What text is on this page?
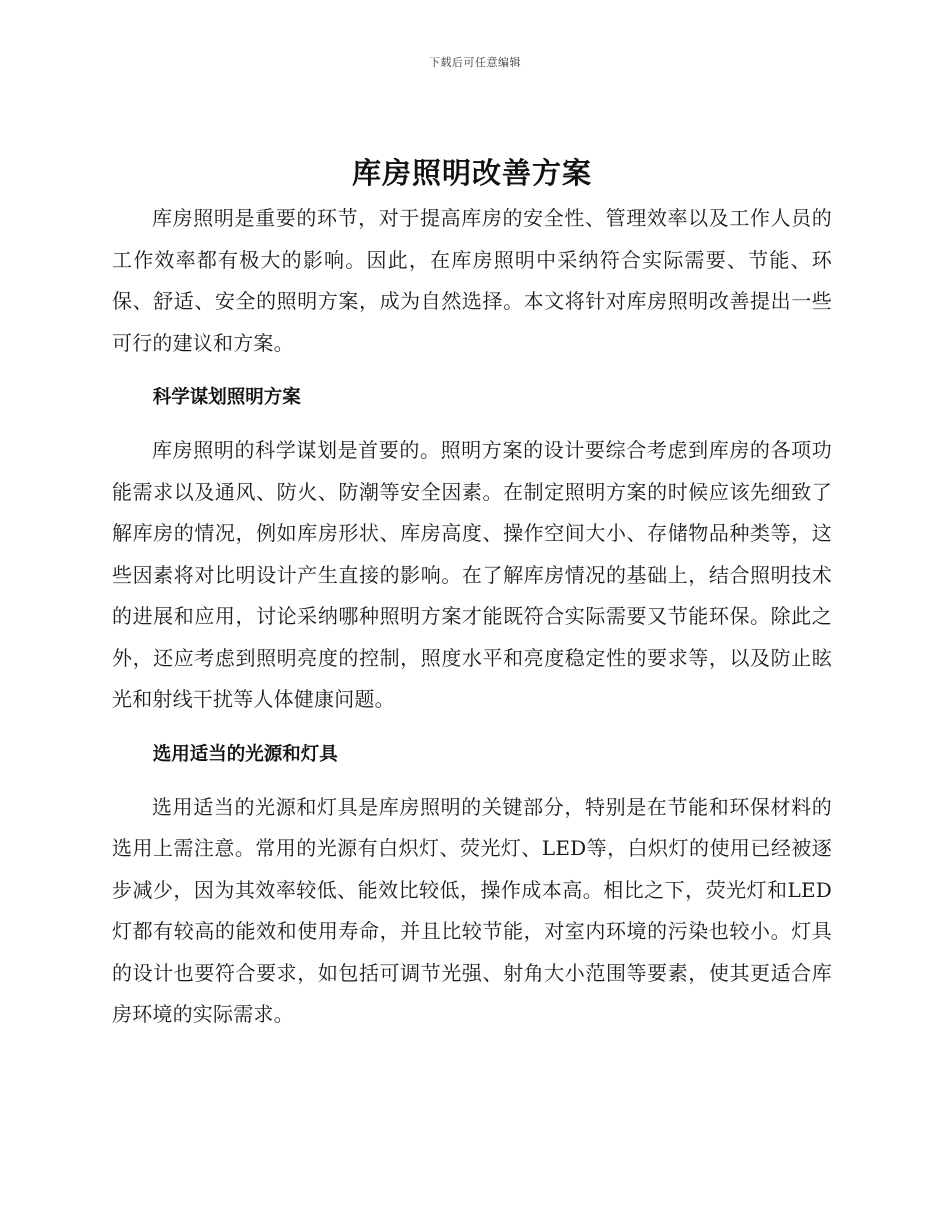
下载后可任意编辑
库房照明改善方案

库房照明是重要的环节，对于提高库房的安全性、管理效率以及工作人员的工作效率都有极大的影响。因此，在库房照明中采纳符合实际需要、节能、环保、舒适、安全的照明方案，成为自然选择。本文将针对库房照明改善提出一些可行的建议和方案。

科学谋划照明方案

库房照明的科学谋划是首要的。照明方案的设计要综合考虑到库房的各项功能需求以及通风、防火、防潮等安全因素。在制定照明方案的时候应该先细致了解库房的情况，例如库房形状、库房高度、操作空间大小、存储物品种类等，这些因素将对比明设计产生直接的影响。在了解库房情况的基础上，结合照明技术的进展和应用，讨论采纳哪种照明方案才能既符合实际需要又节能环保。除此之外，还应考虑到照明亮度的控制，照度水平和亮度稳定性的要求等，以及防止眩光和射线干扰等人体健康问题。

选用适当的光源和灯具

选用适当的光源和灯具是库房照明的关键部分，特别是在节能和环保材料的选用上需注意。常用的光源有白炽灯、荧光灯、LED等，白炽灯的使用已经被逐步减少，因为其效率较低、能效比较低，操作成本高。相比之下，荧光灯和LED灯都有较高的能效和使用寿命，并且比较节能，对室内环境的污染也较小。灯具的设计也要符合要求，如包括可调节光强、射角大小范围等要素，使其更适合库房环境的实际需求。
